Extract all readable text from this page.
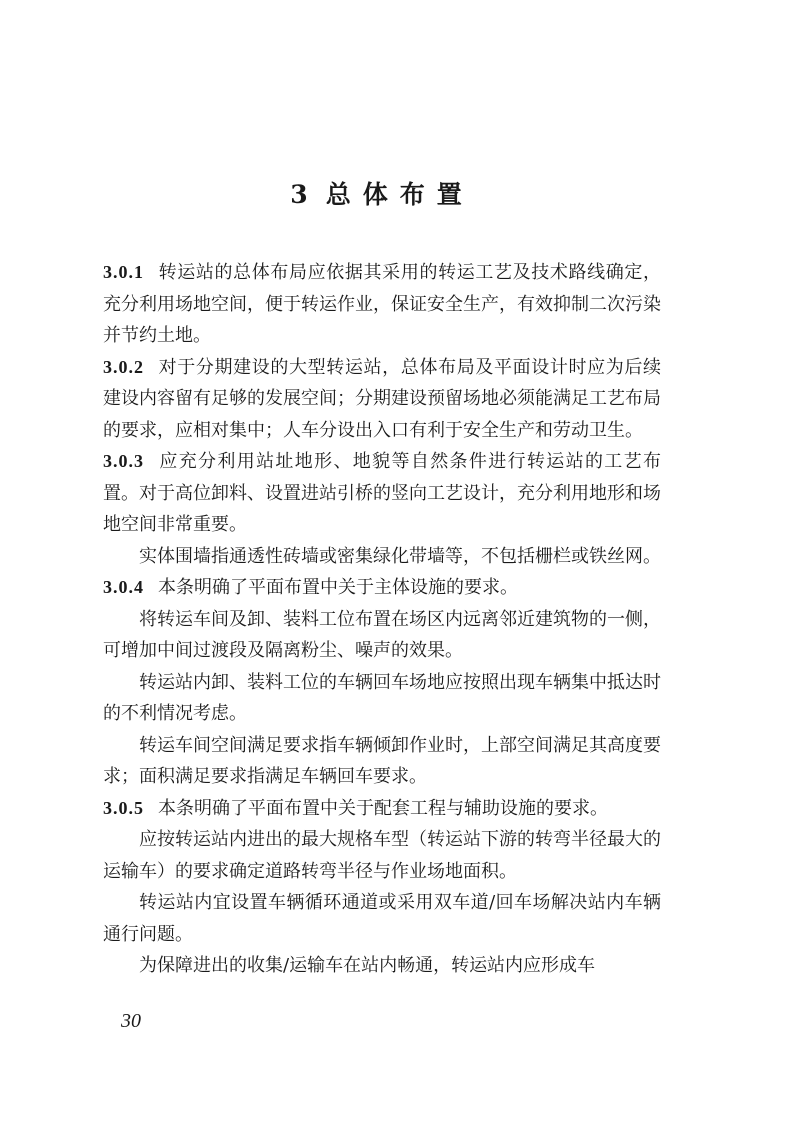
3 总体布置

3.0.1 转运站的总体布局应依据其采用的转运工艺及技术路线确定，充分利用场地空间，便于转运作业，保证安全生产，有效抑制二次污染并节约土地。

3.0.2 对于分期建设的大型转运站，总体布局及平面设计时应为后续建设内容留有足够的发展空间；分期建设预留场地必须能满足工艺布局的要求，应相对集中；人车分设出入口有利于安全生产和劳动卫生。

3.0.3 应充分利用站址地形、地貌等自然条件进行转运站的工艺布置。对于高位卸料、设置进站引桥的竖向工艺设计，充分利用地形和场地空间非常重要。

实体围墙指通透性砖墙或密集绿化带墙等，不包括栅栏或铁丝网。

3.0.4 本条明确了平面布置中关于主体设施的要求。

将转运车间及卸、装料工位布置在场区内远离邻近建筑物的一侧，可增加中间过渡段及隔离粉尘、噪声的效果。

转运站内卸、装料工位的车辆回车场地应按照出现车辆集中抵达时的不利情况考虑。

转运车间空间满足要求指车辆倾卸作业时，上部空间满足其高度要求；面积满足要求指满足车辆回车要求。

3.0.5 本条明确了平面布置中关于配套工程与辅助设施的要求。

应按转运站内进出的最大规格车型（转运站下游的转弯半径最大的运输车）的要求确定道路转弯半径与作业场地面积。

转运站内宜设置车辆循环通道或采用双车道/回车场解决站内车辆通行问题。

为保障进出的收集/运输车在站内畅通，转运站内应形成车

30
